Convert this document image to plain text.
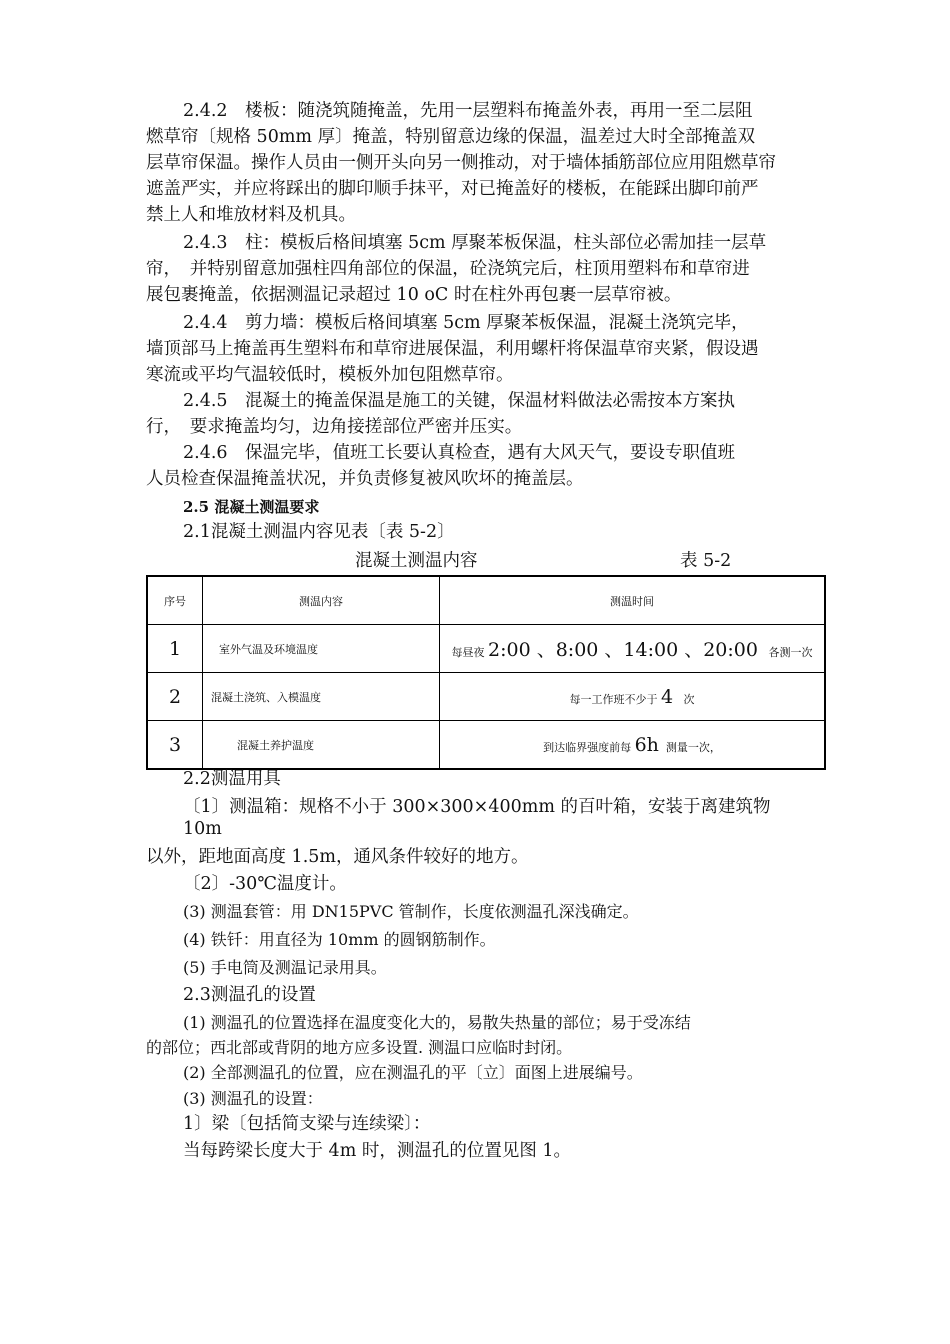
2.4.2　楼板：随浇筑随掩盖，先用一层塑料布掩盖外表，再用一至二层阻
燃草帘〔规格 50mm 厚〕掩盖，特别留意边缘的保温，温差过大时全部掩盖双
层草帘保温。操作人员由一侧开头向另一侧推动，对于墙体插筋部位应用阻燃草帘
遮盖严实，并应将踩出的脚印顺手抹平，对已掩盖好的楼板，在能踩出脚印前严
禁上人和堆放材料及机具。
2.4.3　柱：模板后格间填塞 5cm 厚聚苯板保温，柱头部位必需加挂一层草
帘，　并特别留意加强柱四角部位的保温，砼浇筑完后，柱顶用塑料布和草帘进
展包裹掩盖，依据测温记录超过 10 oC 时在柱外再包裹一层草帘被。
2.4.4　剪力墙：模板后格间填塞 5cm 厚聚苯板保温，混凝土浇筑完毕，
墙顶部马上掩盖再生塑料布和草帘进展保温，利用螺杆将保温草帘夹紧，假设遇
寒流或平均气温较低时，模板外加包阻燃草帘。
2.4.5　混凝土的掩盖保温是施工的关键，保温材料做法必需按本方案执
行，　要求掩盖均匀，边角接搓部位严密并压实。
2.4.6　保温完毕，值班工长要认真检查，遇有大风天气，要设专职值班
人员检查保温掩盖状况，并负责修复被风吹坏的掩盖层。
2.5 混凝土测温要求
2.1混凝土测温内容见表〔表 5-2〕
混凝土测温内容	表 5-2
序号	测温内容	测温时间
1	室外气温及环境温度	每昼夜 2:00 、8:00 、14:00 、20:00 各测一次
2	混凝土浇筑、入模温度	每一工作班不少于 4 次
3	混凝土养护温度	到达临界强度前每 6h 测量一次，
2.2测温用具
〔1〕测温箱：规格不小于 300×300×400mm 的百叶箱，安装于离建筑物
10m
以外，距地面高度 1.5m，通风条件较好的地方。
〔2〕-30℃温度计。
(3) 测温套管：用 DN15PVC 管制作，长度依测温孔深浅确定。
(4) 铁钎：用直径为 10mm 的圆钢筋制作。
(5) 手电筒及测温记录用具。
2.3测温孔的设置
(1) 测温孔的位置选择在温度变化大的，易散失热量的部位；易于受冻结
的部位；西北部或背阴的地方应多设置. 测温口应临时封闭。
(2) 全部测温孔的位置，应在测温孔的平〔立〕面图上进展编号。
(3) 测温孔的设置：
1〕梁〔包括简支梁与连续梁〕：
当每跨梁长度大于 4m 时，测温孔的位置见图 1。
